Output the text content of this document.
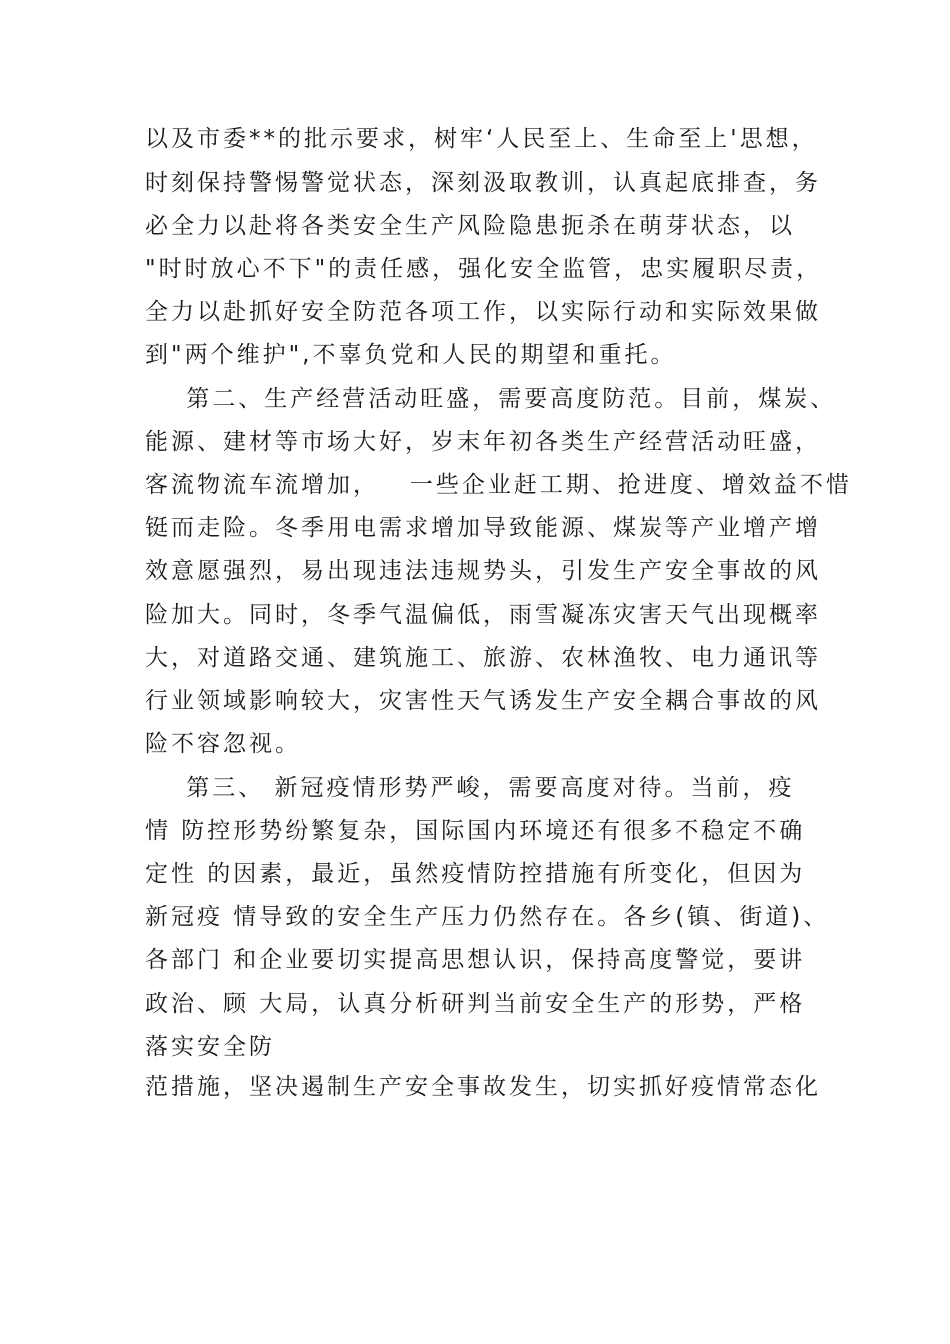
以及市委**的批示要求，树牢‘人民至上、生命至上'思想，
时刻保持警惕警觉状态，深刻汲取教训，认真起底排查，务
必全力以赴将各类安全生产风险隐患扼杀在萌芽状态，以
"时时放心不下"的责任感，强化安全监管，忠实履职尽责，
全力以赴抓好安全防范各项工作，以实际行动和实际效果做
到"两个维护",不辜负党和人民的期望和重托。
第二、生产经营活动旺盛，需要高度防范。目前，煤炭、
能源、建材等市场大好，岁末年初各类生产经营活动旺盛，
客流物流车流增加，   一些企业赶工期、抢进度、增效益不惜
铤而走险。冬季用电需求增加导致能源、煤炭等产业增产增
效意愿强烈，易出现违法违规势头，引发生产安全事故的风
险加大。同时，冬季气温偏低，雨雪凝冻灾害天气出现概率
大，对道路交通、建筑施工、旅游、农林渔牧、电力通讯等
行业领域影响较大，灾害性天气诱发生产安全耦合事故的风
险不容忽视。
第三、 新冠疫情形势严峻，需要高度对待。当前，疫
情 防控形势纷繁复杂，国际国内环境还有很多不稳定不确
定性 的因素，最近，虽然疫情防控措施有所变化，但因为
新冠疫 情导致的安全生产压力仍然存在。各乡(镇、街道)、
各部门 和企业要切实提高思想认识，保持高度警觉，要讲
政治、顾 大局，认真分析研判当前安全生产的形势，严格
落实安全防
范措施，坚决遏制生产安全事故发生，切实抓好疫情常态化
